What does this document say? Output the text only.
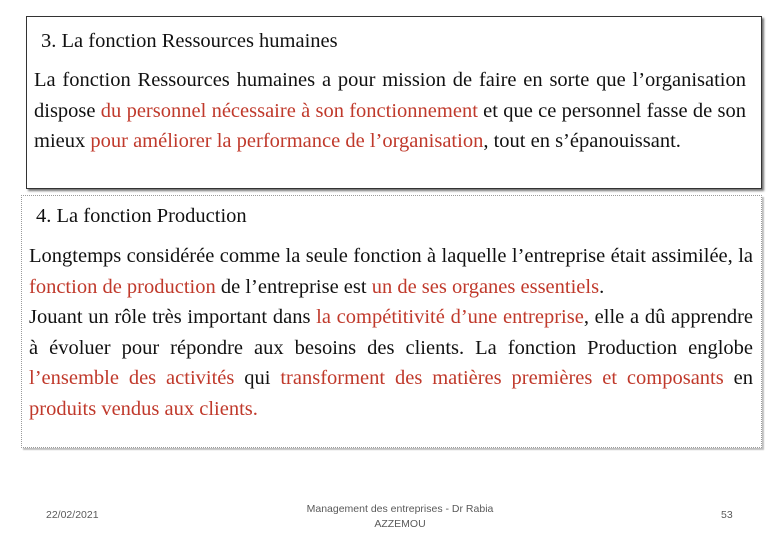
3. La fonction Ressources humaines

La fonction Ressources humaines a pour mission de faire en sorte que l’organisation dispose du personnel nécessaire à son fonctionnement et que ce personnel fasse de son mieux pour améliorer la performance de l’organisation, tout en s’épanouissant.

4. La fonction Production

Longtemps considérée comme la seule fonction à laquelle l’entreprise était assimilée, la fonction de production de l’entreprise est un de ses organes essentiels.

Jouant un rôle très important dans la compétitivité d’une entreprise, elle a dû apprendre à évoluer pour répondre aux besoins des clients. La fonction Production englobe l’ensemble des activités qui transforment des matières premières et composants en produits vendus aux clients.

22/02/2021	Management des entreprises - Dr Rabia
AZZEMOU
53
